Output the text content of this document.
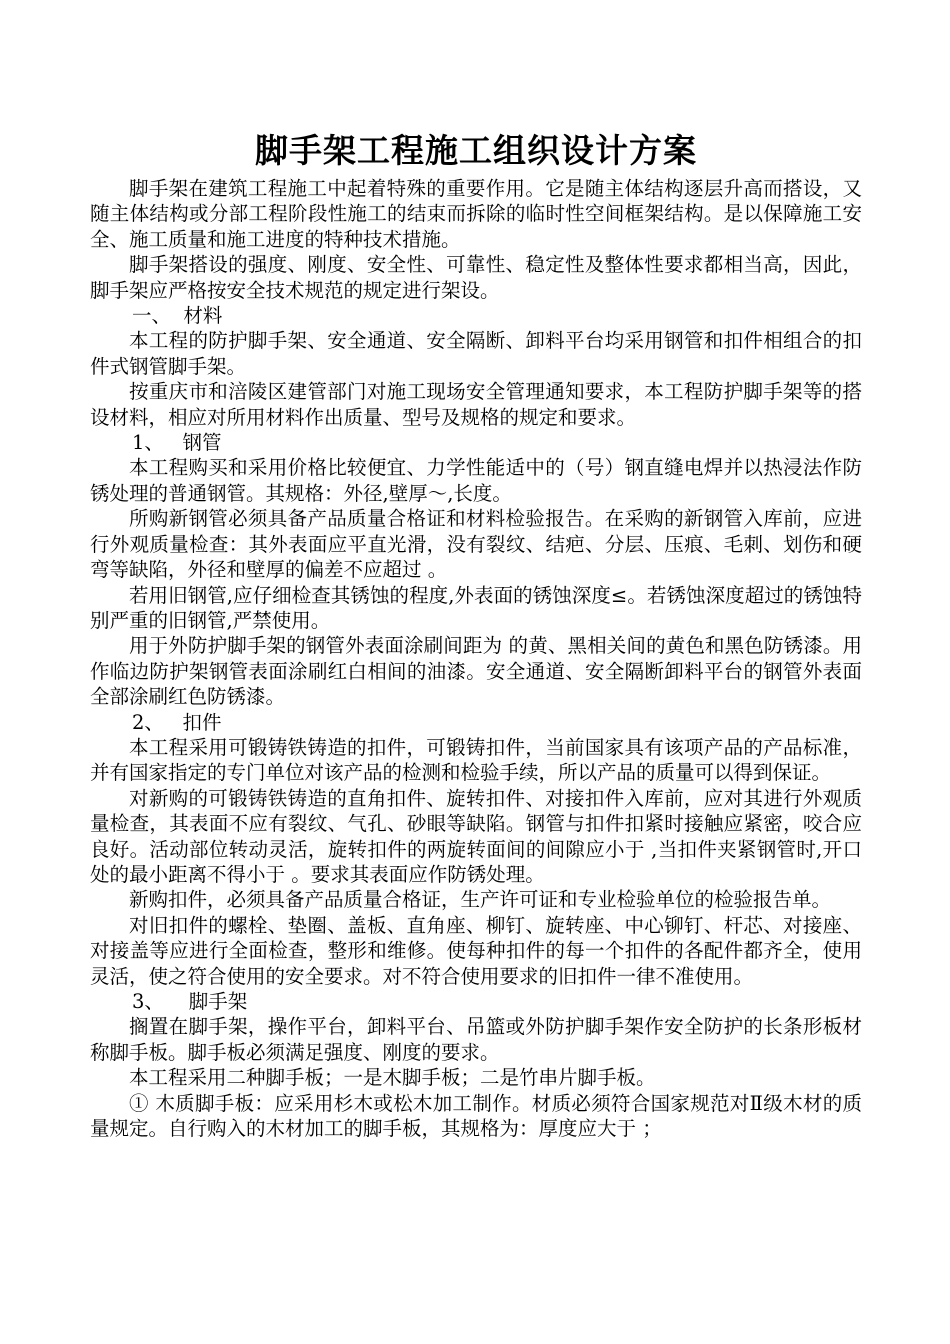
脚手架工程施工组织设计方案

脚手架在建筑工程施工中起着特殊的重要作用。它是随主体结构逐层升高而搭设，又随主体结构或分部工程阶段性施工的结束而拆除的临时性空间框架结构。是以保障施工安全、施工质量和施工进度的特种技术措施。

脚手架搭设的强度、刚度、安全性、可靠性、稳定性及整体性要求都相当高，因此，脚手架应严格按安全技术规范的规定进行架设。

一、  材料

本工程的防护脚手架、安全通道、安全隔断、卸料平台均采用钢管和扣件相组合的扣件式钢管脚手架。

按重庆市和涪陵区建管部门对施工现场安全管理通知要求，本工程防护脚手架等的搭设材料，相应对所用材料作出质量、型号及规格的规定和要求。

1、   钢管

本工程购买和采用价格比较便宜、力学性能适中的（号）钢直缝电焊并以热浸法作防锈处理的普通钢管。其规格：外径,壁厚～,长度。

所购新钢管必须具备产品质量合格证和材料检验报告。在采购的新钢管入库前，应进行外观质量检查：其外表面应平直光滑，没有裂纹、结疤、分层、压痕、毛刺、划伤和硬弯等缺陷，外径和壁厚的偏差不应超过 。

若用旧钢管,应仔细检查其锈蚀的程度,外表面的锈蚀深度≤。若锈蚀深度超过的锈蚀特别严重的旧钢管,严禁使用。

用于外防护脚手架的钢管外表面涂刷间距为 的黄、黑相关间的黄色和黑色防锈漆。用作临边防护架钢管表面涂刷红白相间的油漆。安全通道、安全隔断卸料平台的钢管外表面全部涂刷红色防锈漆。

2、   扣件

本工程采用可锻铸铁铸造的扣件，可锻铸扣件，当前国家具有该项产品的产品标准，并有国家指定的专门单位对该产品的检测和检验手续，所以产品的质量可以得到保证。

对新购的可锻铸铁铸造的直角扣件、旋转扣件、对接扣件入库前，应对其进行外观质量检查，其表面不应有裂纹、气孔、砂眼等缺陷。钢管与扣件扣紧时接触应紧密，咬合应良好。活动部位转动灵活，旋转扣件的两旋转面间的间隙应小于 ,当扣件夹紧钢管时,开口处的最小距离不得小于 。要求其表面应作防锈处理。

新购扣件，必须具备产品质量合格证，生产许可证和专业检验单位的检验报告单。

对旧扣件的螺栓、垫圈、盖板、直角座、柳钉、旋转座、中心铆钉、杆芯、对接座、对接盖等应进行全面检查，整形和维修。使每种扣件的每一个扣件的各配件都齐全，使用灵活，使之符合使用的安全要求。对不符合使用要求的旧扣件一律不准使用。

3、    脚手架

搁置在脚手架，操作平台，卸料平台、吊篮或外防护脚手架作安全防护的长条形板材称脚手板。脚手板必须满足强度、刚度的要求。

本工程采用二种脚手板；一是木脚手板；二是竹串片脚手板。

① 木质脚手板：应采用杉木或松木加工制作。材质必须符合国家规范对Ⅱ级木材的质量规定。自行购入的木材加工的脚手板，其规格为：厚度应大于 ；
